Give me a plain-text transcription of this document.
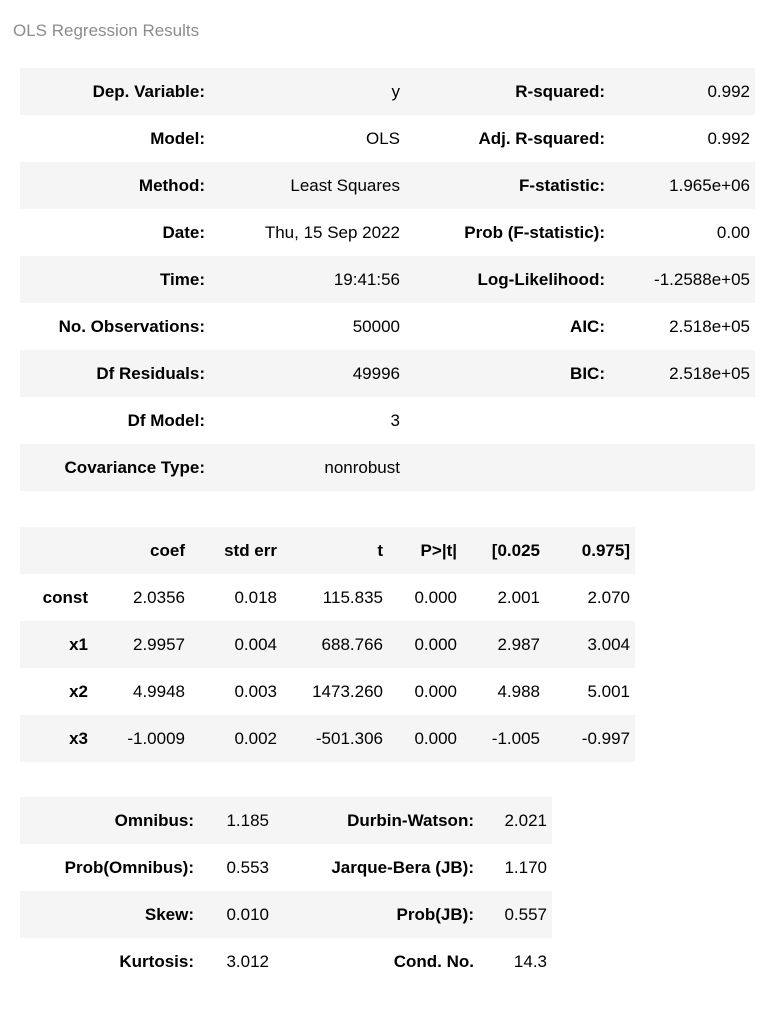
OLS Regression Results

Dep. Variable:	y	R-squared:	0.992
Model:	OLS	Adj. R-squared:	0.992
Method:	Least Squares	F-statistic:	1.965e+06
Date:	Thu, 15 Sep 2022	Prob (F-statistic):	0.00
Time:	19:41:56	Log-Likelihood:	-1.2588e+05
No. Observations:	50000	AIC:	2.518e+05
Df Residuals:	49996	BIC:	2.518e+05
Df Model:	3		
Covariance Type:	nonrobust		
	coef	std err	t	P>|t|	[0.025	0.975]
const	2.0356	0.018	115.835	0.000	2.001	2.070
x1	2.9957	0.004	688.766	0.000	2.987	3.004
x2	4.9948	0.003	1473.260	0.000	4.988	5.001
x3	-1.0009	0.002	-501.306	0.000	-1.005	-0.997
Omnibus:	1.185	Durbin-Watson:	2.021
Prob(Omnibus):	0.553	Jarque-Bera (JB):	1.170
Skew:	0.010	Prob(JB):	0.557
Kurtosis:	3.012	Cond. No.	14.3
